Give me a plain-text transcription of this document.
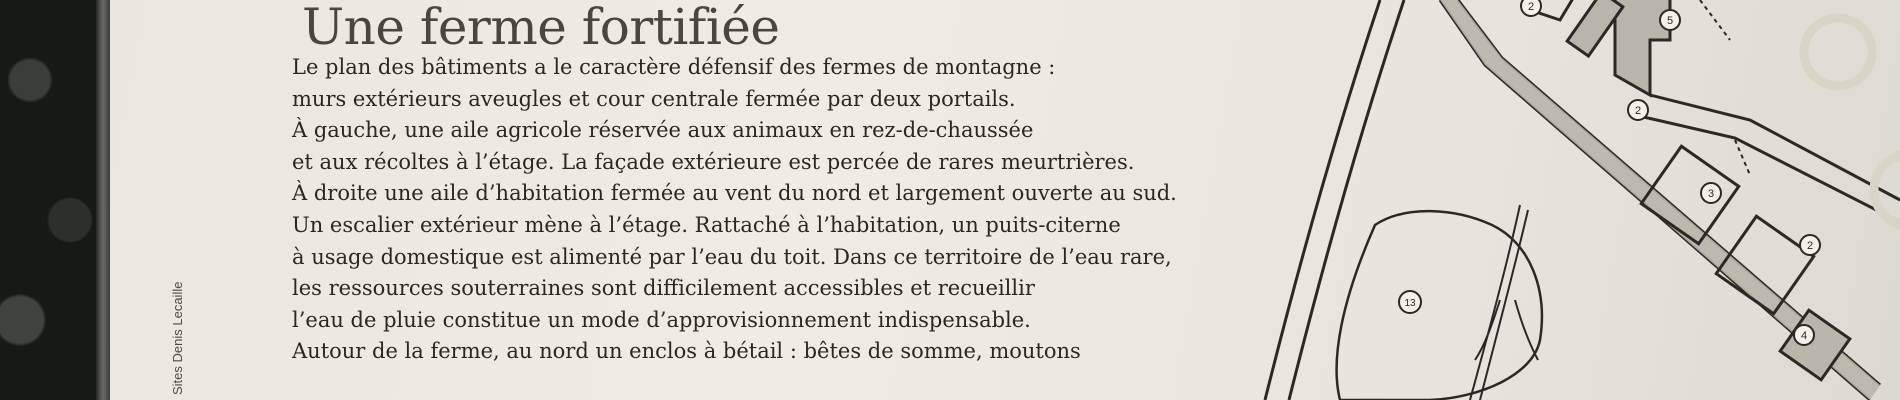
Sites Denis Lecaille
Une ferme fortifiée
Le plan des bâtiments a le caractère défensif des fermes de montagne :
murs extérieurs aveugles et cour centrale fermée par deux portails.
À gauche, une aile agricole réservée aux animaux en rez-de-chaussée
et aux récoltes à l’étage. La façade extérieure est percée de rares meurtrières.
À droite une aile d’habitation fermée au vent du nord et largement ouverte au sud.
Un escalier extérieur mène à l’étage. Rattaché à l’habitation, un puits-citerne
à usage domestique est alimenté par l’eau du toit. Dans ce territoire de l’eau rare,
les ressources souterraines sont difficilement accessibles et recueillir
l’eau de pluie constitue un mode d’approvisionnement indispensable.
Autour de la ferme, au nord un enclos à bétail : bêtes de somme, moutons
2
5
2
3
2
4
13
